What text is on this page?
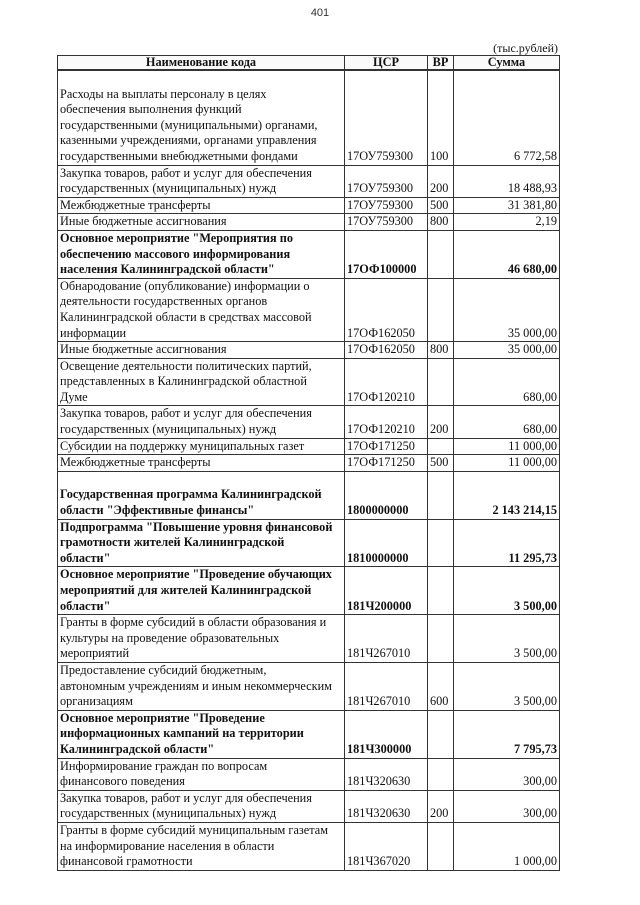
401
(тыс.рублей)
Наименование кода	ЦСР	ВР	Сумма
Расходы на выплаты персоналу в целях
обеспечения выполнения функций
государственными (муниципальными) органами,
казенными учреждениями, органами управления
государственными внебюджетными фондами	17ОУ759300	100	6 772,58
Закупка товаров, работ и услуг для обеспечения
государственных (муниципальных) нужд	17ОУ759300	200	18 488,93
Межбюджетные трансферты	17ОУ759300	500	31 381,80
Иные бюджетные ассигнования	17ОУ759300	800	2,19
Основное мероприятие "Мероприятия по
обеспечению массового информирования
населения Калининградской области"	17ОФ100000		46 680,00
Обнародование (опубликование) информации о
деятельности государственных органов
Калининградской области в средствах массовой
информации	17ОФ162050		35 000,00
Иные бюджетные ассигнования	17ОФ162050	800	35 000,00
Освещение деятельности политических партий,
представленных в Калининградской областной
Думе	17ОФ120210		680,00
Закупка товаров, работ и услуг для обеспечения
государственных (муниципальных) нужд	17ОФ120210	200	680,00
Субсидии на поддержку муниципальных газет	17ОФ171250		11 000,00
Межбюджетные трансферты	17ОФ171250	500	11 000,00
Государственная программа Калининградской
области "Эффективные финансы"	1800000000		2 143 214,15
Подпрограмма "Повышение уровня финансовой
грамотности жителей Калининградской
области"	1810000000		11 295,73
Основное мероприятие "Проведение обучающих
мероприятий для жителей Калининградской
области"	181Ч200000		3 500,00
Гранты в форме субсидий в области образования и
культуры на проведение образовательных
мероприятий	181Ч267010		3 500,00
Предоставление субсидий бюджетным,
автономным учреждениям и иным некоммерческим
организациям	181Ч267010	600	3 500,00
Основное мероприятие "Проведение
информационных кампаний на территории
Калининградской области"	181Ч300000		7 795,73
Информирование граждан по вопросам
финансового поведения	181Ч320630		300,00
Закупка товаров, работ и услуг для обеспечения
государственных (муниципальных) нужд	181Ч320630	200	300,00
Гранты в форме субсидий муниципальным газетам
на информирование населения в области
финансовой грамотности	181Ч367020		1 000,00
